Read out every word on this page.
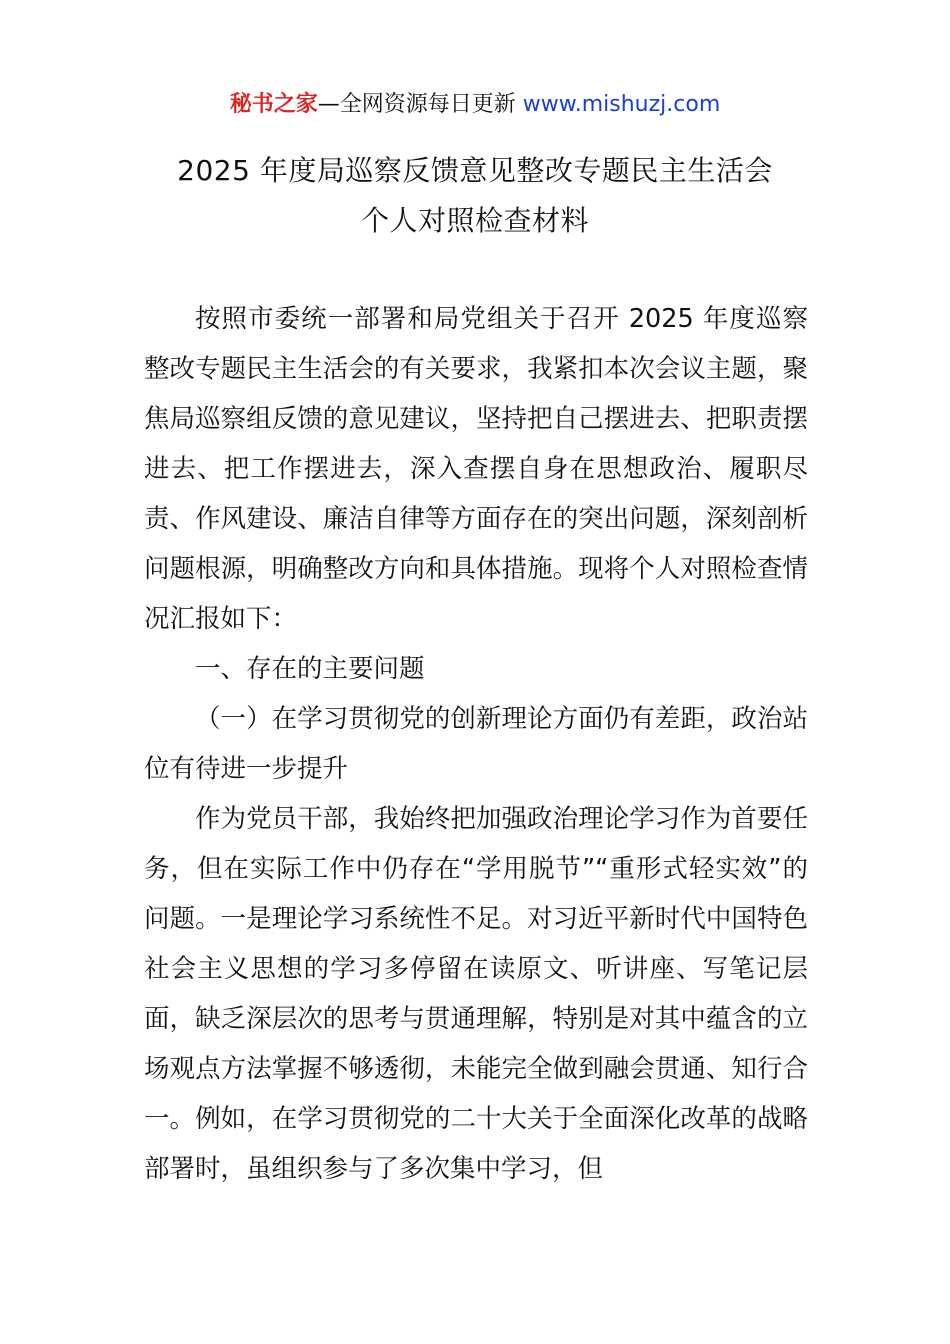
秘书之家—全网资源每日更新 www.mishuzj.com
2025 年度局巡察反馈意见整改专题民主生活会
个人对照检查材料

按照市委统一部署和局党组关于召开 2025 年度巡察整改专题民主生活会的有关要求，我紧扣本次会议主题，聚焦局巡察组反馈的意见建议，坚持把自己摆进去、把职责摆进去、把工作摆进去，深入查摆自身在思想政治、履职尽责、作风建设、廉洁自律等方面存在的突出问题，深刻剖析问题根源，明确整改方向和具体措施。现将个人对照检查情况汇报如下：

一、存在的主要问题

（一）在学习贯彻党的创新理论方面仍有差距，政治站位有待进一步提升

作为党员干部，我始终把加强政治理论学习作为首要任务，但在实际工作中仍存在“学用脱节”“重形式轻实效”的问题。一是理论学习系统性不足。对习近平新时代中国特色社会主义思想的学习多停留在读原文、听讲座、写笔记层面，缺乏深层次的思考与贯通理解，特别是对其中蕴含的立场观点方法掌握不够透彻，未能完全做到融会贯通、知行合一。例如，在学习贯彻党的二十大关于全面深化改革的战略部署时，虽组织参与了多次集中学习，但
